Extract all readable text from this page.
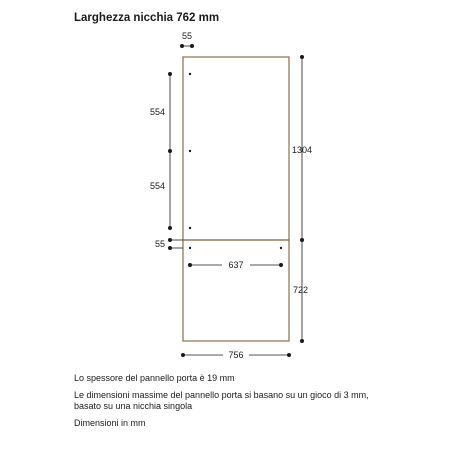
Larghezza nicchia 762 mm
55
554
554
55
637
1304
722
756

Lo spessore del pannello porta è 19 mm

Le dimensioni massime del pannello porta si basano su un gioco di 3 mm,
basato su una nicchia singola

Dimensioni in mm
